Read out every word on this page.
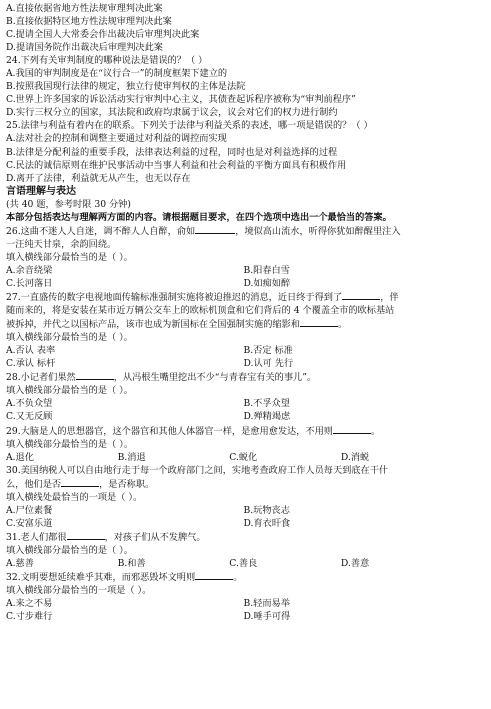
A.直接依据省地方性法规审理判决此案
B.直接依据特区地方性法规审理判决此案
C.提请全国人大常委会作出裁决后审理判决此案
D.提请国务院作出裁决后审理判决此案
24.下列有关审判制度的哪种说法是错误的？（ ）
A.我国的审判制度是在“议行合一”的制度框架下建立的
B.按照我国现行法律的规定，独立行使审判权的主体是法院
C.世界上许多国家的诉讼活动实行审判中心主义，其债查起诉程序被称为“审判前程序”
D.实行三权分立的国家，其法院和政府均隶属于议会，议会对它们的权力进行制约
25.法律与利益有着内在的联系。下列关于法律与利益关系的表述，哪一项是错误的？（ ）
A.法对社会的控制和调整主要通过对利益的调控而实现
B.法律是分配利益的重要手段，法律表达利益的过程，同时也是对利益选择的过程
C.民法的诚信原则在维护民事活动中当事人利益和社会利益的平衡方面具有积极作用
D.离开了法律，利益就无从产生，也无以存在
言语理解与表达
(共 40 题，参考时限 30 分钟)
本部分包括表达与理解两方面的内容。请根据题目要求，在四个选项中选出一个最恰当的答案。
26.这曲不迷人人自迷，调不醉人人自醉，俞如	，境似高山流水，听得你犹如醉醒里注入
一汪纯天甘泉，余韵回绕。
填入横线部分最恰当的是（ ）。
A.余音绕梁	B.阳春白雪
C.长河落日	D.如痴如醉
27.一直盛传的数字电视地面传输标准强制实施将被迫推迟的消息，近日终于得到了	，伴
随而来的，将是安装在某市近万辆公交车上的欧标机顶盒和它们背后的 4 个覆盖全市的欧标基站
被拆掉，并代之以国标产品，该市也成为新国标在全国强制实施的缩影和	。
填入横线部分最恰当的是（ ）。
A.否认 表率	B.否定 标准
C.承认 标杆	D.认可 先行
28.小记者们果然	，从冯根生嘴里挖出不少“与青春宝有关的事儿”。
填入横线部分最恰当的是（ ）。
A.不负众望	B.不孚众望
C.又无反顾	D.殚精竭虑
29.大脑是人的思想器官，这个器官和其他人体器官一样，是愈用愈发达，不用则	。
填入横线部分最恰当的是（ ）。
A.退化	B.消退	C.蜕化	D.消蜕
30.美国纳税人可以自由地行走于每一个政府部门之间，实地考查政府工作人员每天到底在干什
么，他们是否	，是否称职。
填入横线处最恰当的一项是（ ）。
A.尸位素餐	B.玩物丧志
C.安富乐道	D.育衣旰食
31.老人们都很	，对孩子们从不发脾气。
填入横线部分最恰当的是（ ）。
A.慈善	B.和善	C.善良	D.善意
32.文明要想延续难乎其难，而邪恶毁坏文明则	。
填入横线部分最恰当的一项是（ ）。
A.来之不易	B.轻而易举
C.寸步难行	D.唾手可得
